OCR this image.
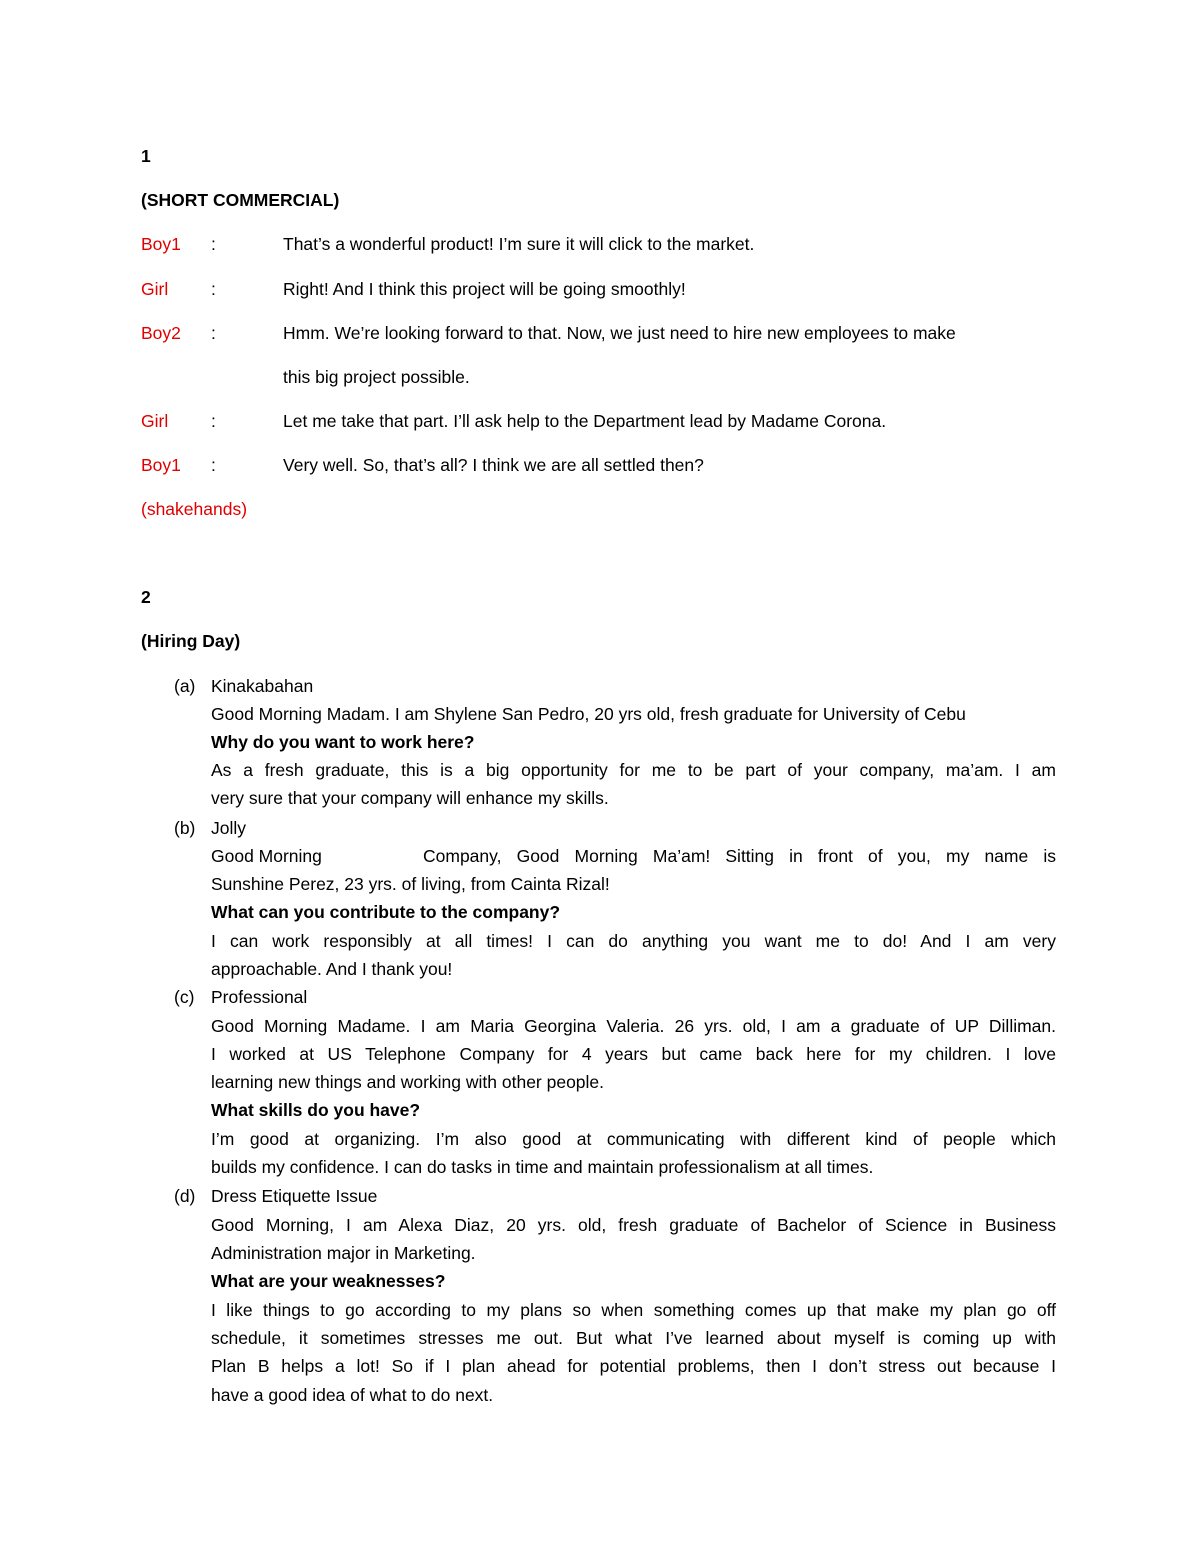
1
(SHORT COMMERCIAL)
Boy1 :	That’s a wonderful product! I’m sure it will click to the market.
Girl :	Right! And I think this project will be going smoothly!
Boy2 :	Hmm. We’re looking forward to that. Now, we just need to hire new employees to make
this big project possible.
Girl :	Let me take that part. I’ll ask help to the Department lead by Madame Corona.
Boy1 :	Very well. So, that’s all? I think we are all settled then?
(shakehands)
2
(Hiring Day)
(a) Kinakabahan
Good Morning Madam. I am Shylene San Pedro, 20 yrs old, fresh graduate for University of Cebu
Why do you want to work here?
As a fresh graduate, this is a big opportunity for me to be part of your company, ma’am. I am
very sure that your company will enhance my skills.
(b) Jolly
Good Morning	Company, Good Morning Ma’am! Sitting in front of you, my name is
Sunshine Perez, 23 yrs. of living, from Cainta Rizal!
What can you contribute to the company?
I can work responsibly at all times! I can do anything you want me to do! And I am very
approachable. And I thank you!
(c) Professional
Good Morning Madame. I am Maria Georgina Valeria. 26 yrs. old, I am a graduate of UP Dilliman.
I worked at US Telephone Company for 4 years but came back here for my children. I love
learning new things and working with other people.
What skills do you have?
I’m good at organizing. I’m also good at communicating with different kind of people which
builds my confidence. I can do tasks in time and maintain professionalism at all times.
(d) Dress Etiquette Issue
Good Morning, I am Alexa Diaz, 20 yrs. old, fresh graduate of Bachelor of Science in Business
Administration major in Marketing.
What are your weaknesses?
I like things to go according to my plans so when something comes up that make my plan go off
schedule, it sometimes stresses me out. But what I’ve learned about myself is coming up with
Plan B helps a lot! So if I plan ahead for potential problems, then I don’t stress out because I
have a good idea of what to do next.
